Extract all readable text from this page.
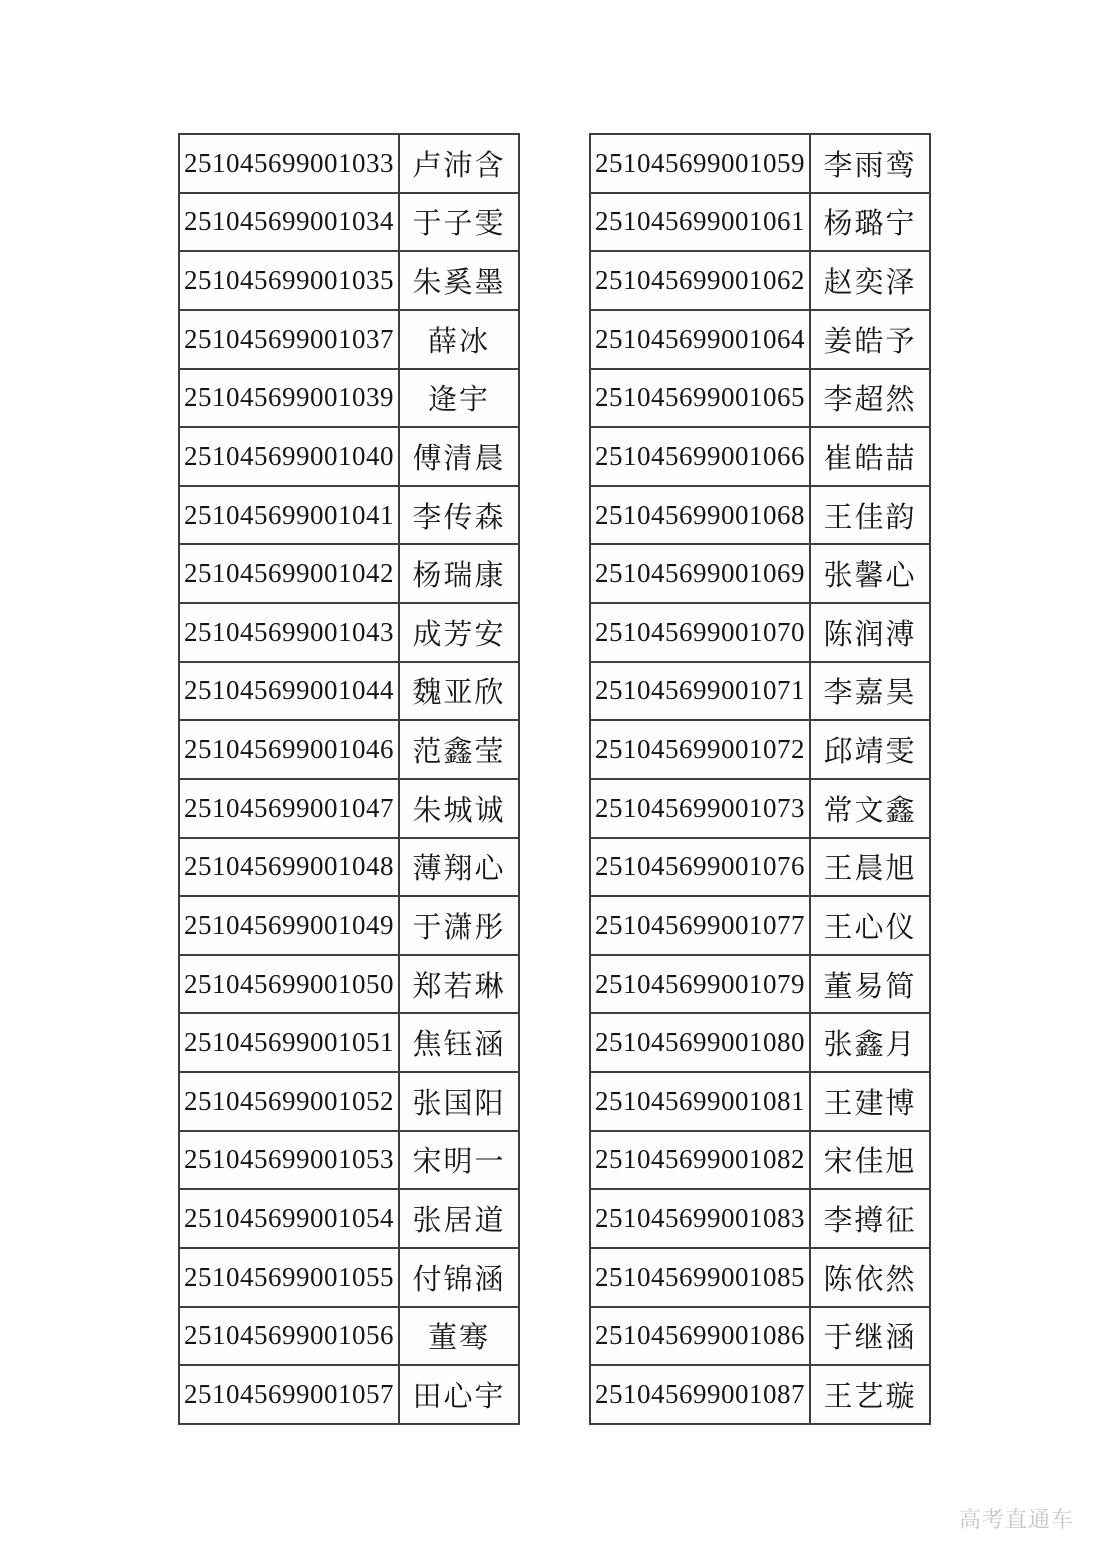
251045699001033	卢沛含
251045699001034	于子雯
251045699001035	朱奚墨
251045699001037	薛冰
251045699001039	逄宇
251045699001040	傅清晨
251045699001041	李传森
251045699001042	杨瑞康
251045699001043	成芳安
251045699001044	魏亚欣
251045699001046	范鑫莹
251045699001047	朱城诚
251045699001048	薄翔心
251045699001049	于潇彤
251045699001050	郑若琳
251045699001051	焦钰涵
251045699001052	张国阳
251045699001053	宋明一
251045699001054	张居道
251045699001055	付锦涵
251045699001056	董骞
251045699001057	田心宇
251045699001059	李雨鸾
251045699001061	杨璐宁
251045699001062	赵奕泽
251045699001064	姜皓予
251045699001065	李超然
251045699001066	崔皓喆
251045699001068	王佳韵
251045699001069	张馨心
251045699001070	陈润溥
251045699001071	李嘉昊
251045699001072	邱靖雯
251045699001073	常文鑫
251045699001076	王晨旭
251045699001077	王心仪
251045699001079	董易简
251045699001080	张鑫月
251045699001081	王建博
251045699001082	宋佳旭
251045699001083	李撙征
251045699001085	陈依然
251045699001086	于继涵
251045699001087	王艺璇
高考直通车
